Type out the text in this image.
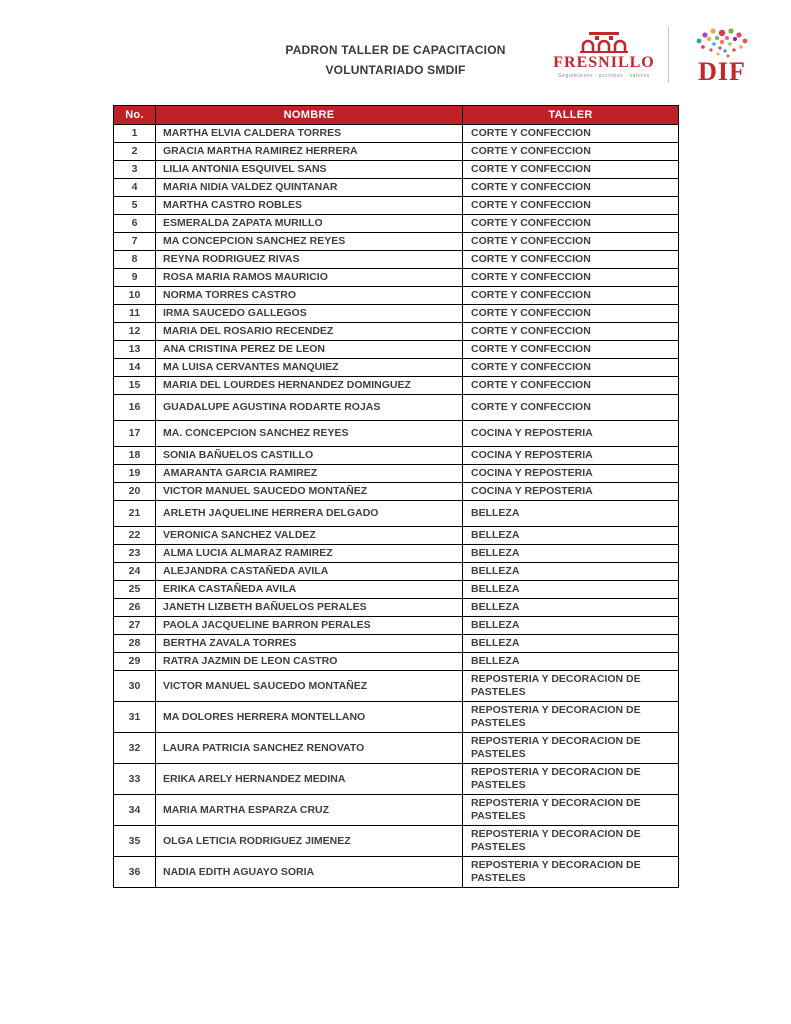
PADRON TALLER DE CAPACITACION
VOLUNTARIADO SMDIF	FRESNILLO
Seguimiento · acciones · valores DIF
No.	NOMBRE	TALLER
1	MARTHA ELVIA CALDERA TORRES	CORTE Y CONFECCION
2	GRACIA MARTHA RAMIREZ HERRERA	CORTE Y CONFECCION
3	LILIA ANTONIA ESQUIVEL SANS	CORTE Y CONFECCION
4	MARIA NIDIA VALDEZ QUINTANAR	CORTE Y CONFECCION
5	MARTHA CASTRO ROBLES	CORTE Y CONFECCION
6	ESMERALDA ZAPATA MURILLO	CORTE Y CONFECCION
7	MA CONCEPCION SANCHEZ REYES	CORTE Y CONFECCION
8	REYNA RODRIGUEZ RIVAS	CORTE Y CONFECCION
9	ROSA MARIA RAMOS MAURICIO	CORTE Y CONFECCION
10	NORMA TORRES CASTRO	CORTE Y CONFECCION
11	IRMA SAUCEDO GALLEGOS	CORTE Y CONFECCION
12	MARIA DEL ROSARIO RECENDEZ	CORTE Y CONFECCION
13	ANA CRISTINA PEREZ DE LEON	CORTE Y CONFECCION
14	MA LUISA CERVANTES MANQUIEZ	CORTE Y CONFECCION
15	MARIA DEL LOURDES HERNANDEZ DOMINGUEZ	CORTE Y CONFECCION
16	GUADALUPE AGUSTINA RODARTE ROJAS	CORTE Y CONFECCION
17	MA. CONCEPCION SANCHEZ REYES	COCINA Y REPOSTERIA
18	SONIA BAÑUELOS CASTILLO	COCINA Y REPOSTERIA
19	AMARANTA GARCIA RAMIREZ	COCINA Y REPOSTERIA
20	VICTOR MANUEL SAUCEDO MONTAÑEZ	COCINA Y REPOSTERIA
21	ARLETH JAQUELINE HERRERA DELGADO	BELLEZA
22	VERONICA SANCHEZ VALDEZ	BELLEZA
23	ALMA LUCIA ALMARAZ RAMIREZ	BELLEZA
24	ALEJANDRA CASTAÑEDA AVILA	BELLEZA
25	ERIKA CASTAÑEDA AVILA	BELLEZA
26	JANETH LIZBETH BAÑUELOS PERALES	BELLEZA
27	PAOLA JACQUELINE BARRON PERALES	BELLEZA
28	BERTHA ZAVALA TORRES	BELLEZA
29	RATRA JAZMIN DE LEON CASTRO	BELLEZA
30	VICTOR MANUEL SAUCEDO MONTAÑEZ	REPOSTERIA Y DECORACION DE PASTELES
31	MA DOLORES HERRERA MONTELLANO	REPOSTERIA Y DECORACION DE PASTELES
32	LAURA PATRICIA SANCHEZ RENOVATO	REPOSTERIA Y DECORACION DE PASTELES
33	ERIKA ARELY HERNANDEZ MEDINA	REPOSTERIA Y DECORACION DE PASTELES
34	MARIA MARTHA ESPARZA CRUZ	REPOSTERIA Y DECORACION DE PASTELES
35	OLGA LETICIA RODRIGUEZ JIMENEZ	REPOSTERIA Y DECORACION DE PASTELES
36	NADIA EDITH AGUAYO SORIA	REPOSTERIA Y DECORACION DE PASTELES
